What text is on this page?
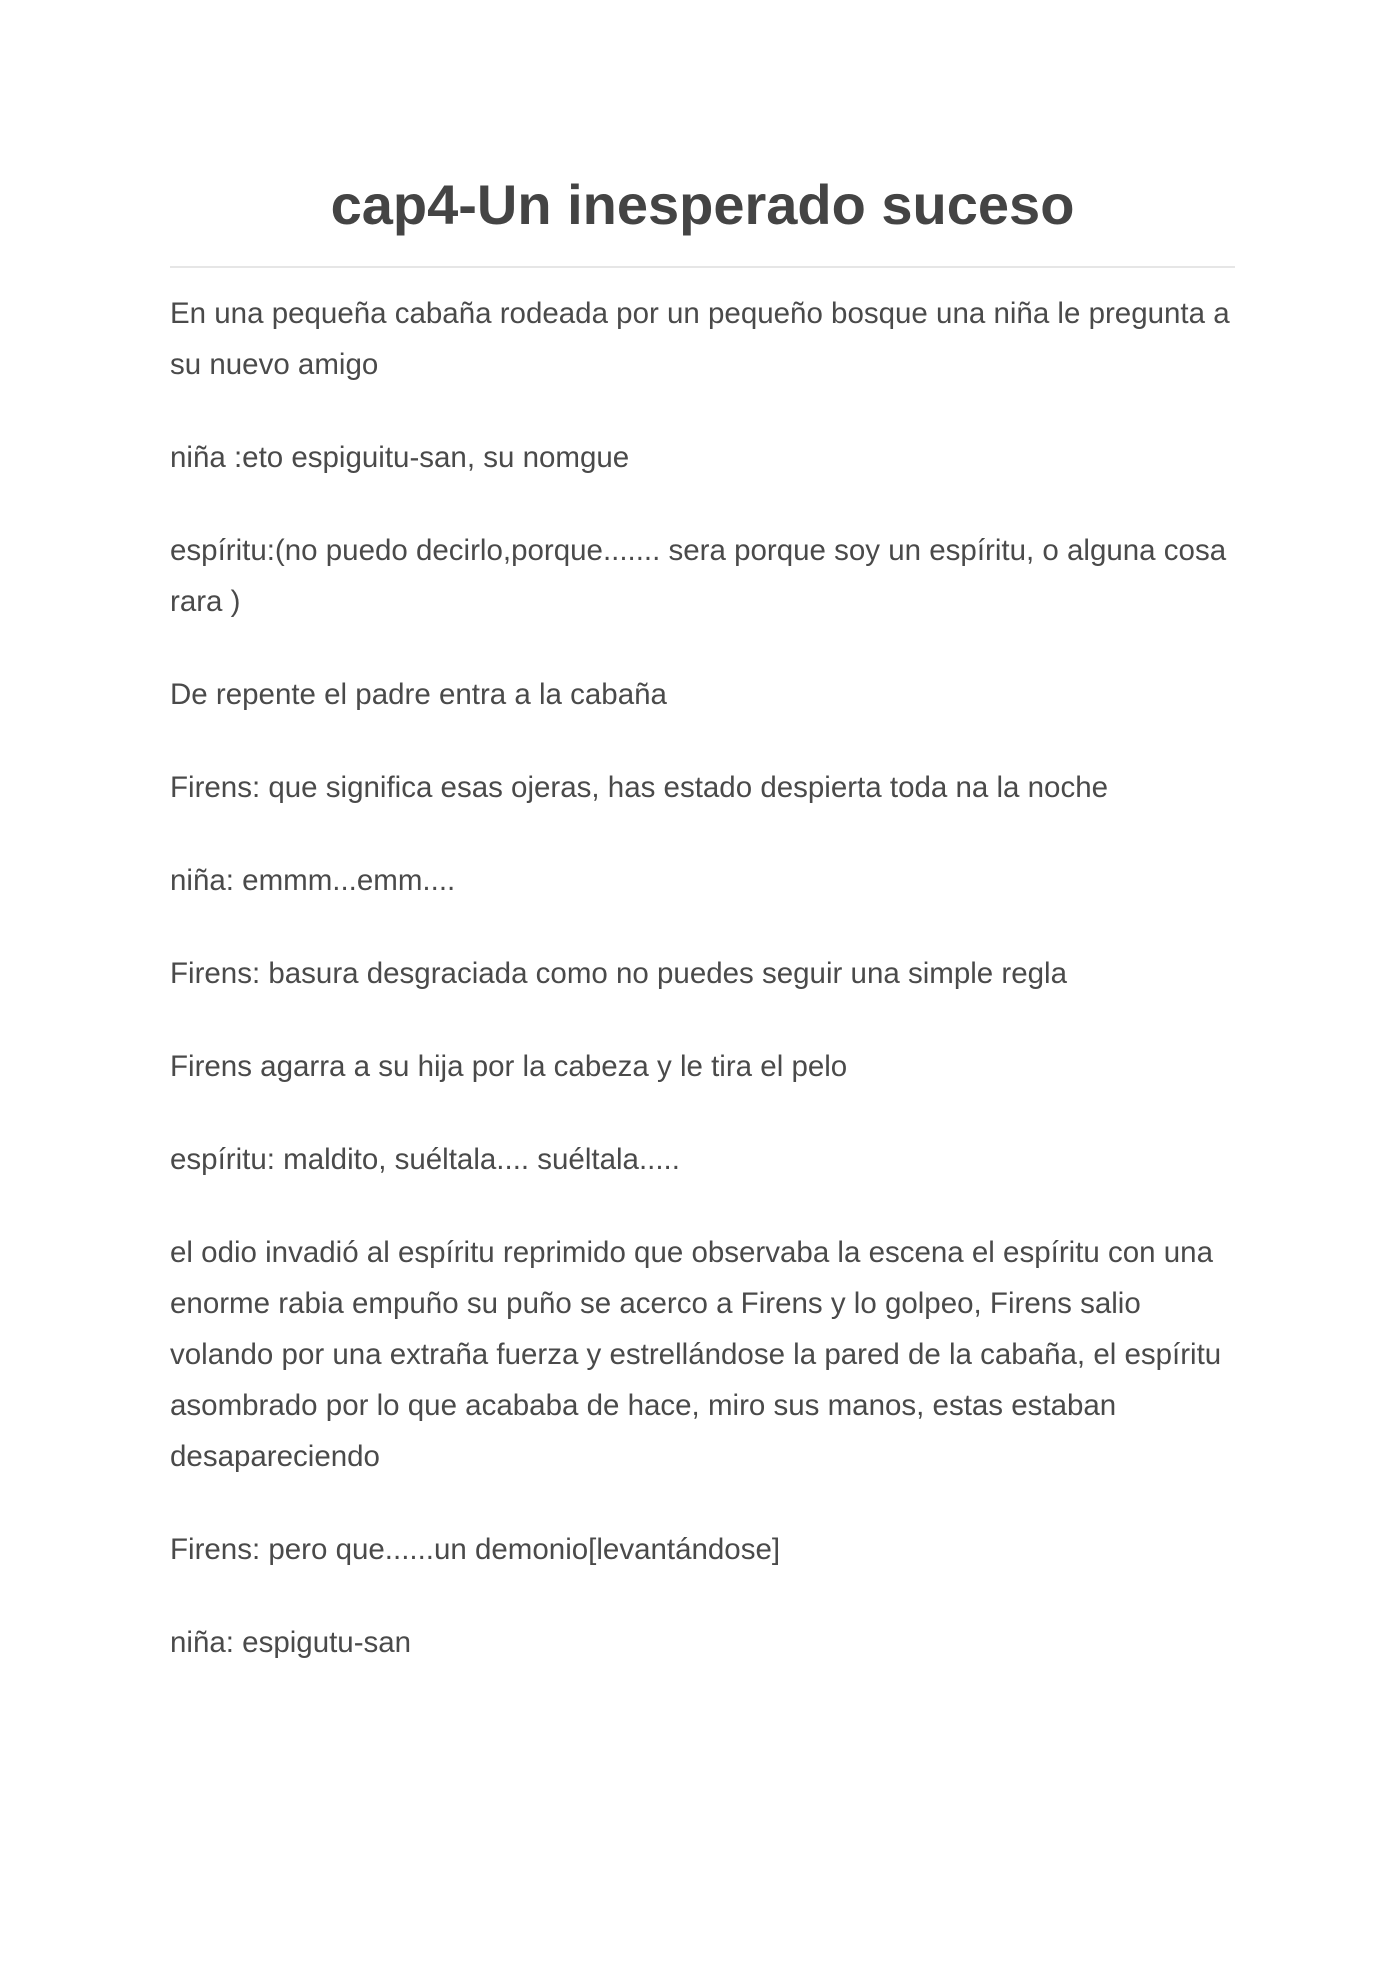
cap4-Un inesperado suceso

En una pequeña cabaña rodeada por un pequeño bosque una niña le pregunta a su nuevo amigo

niña :eto espiguitu-san, su nomgue

espíritu:(no puedo decirlo,porque....... sera porque soy un espíritu, o alguna cosa rara )

De repente el padre entra a la cabaña

Firens: que significa esas ojeras, has estado despierta toda na la noche

niña: emmm...emm....

Firens: basura desgraciada como no puedes seguir una simple regla

Firens agarra a su hija por la cabeza y le tira el pelo

espíritu: maldito, suéltala.... suéltala.....

el odio invadió al espíritu reprimido que observaba la escena el espíritu con una enorme rabia empuño su puño se acerco a Firens y lo golpeo, Firens salio volando por una extraña fuerza y estrellándose la pared de la cabaña, el espíritu asombrado por lo que acababa de hace, miro sus manos, estas estaban desapareciendo

Firens: pero que......un demonio[levantándose]

niña: espigutu-san
